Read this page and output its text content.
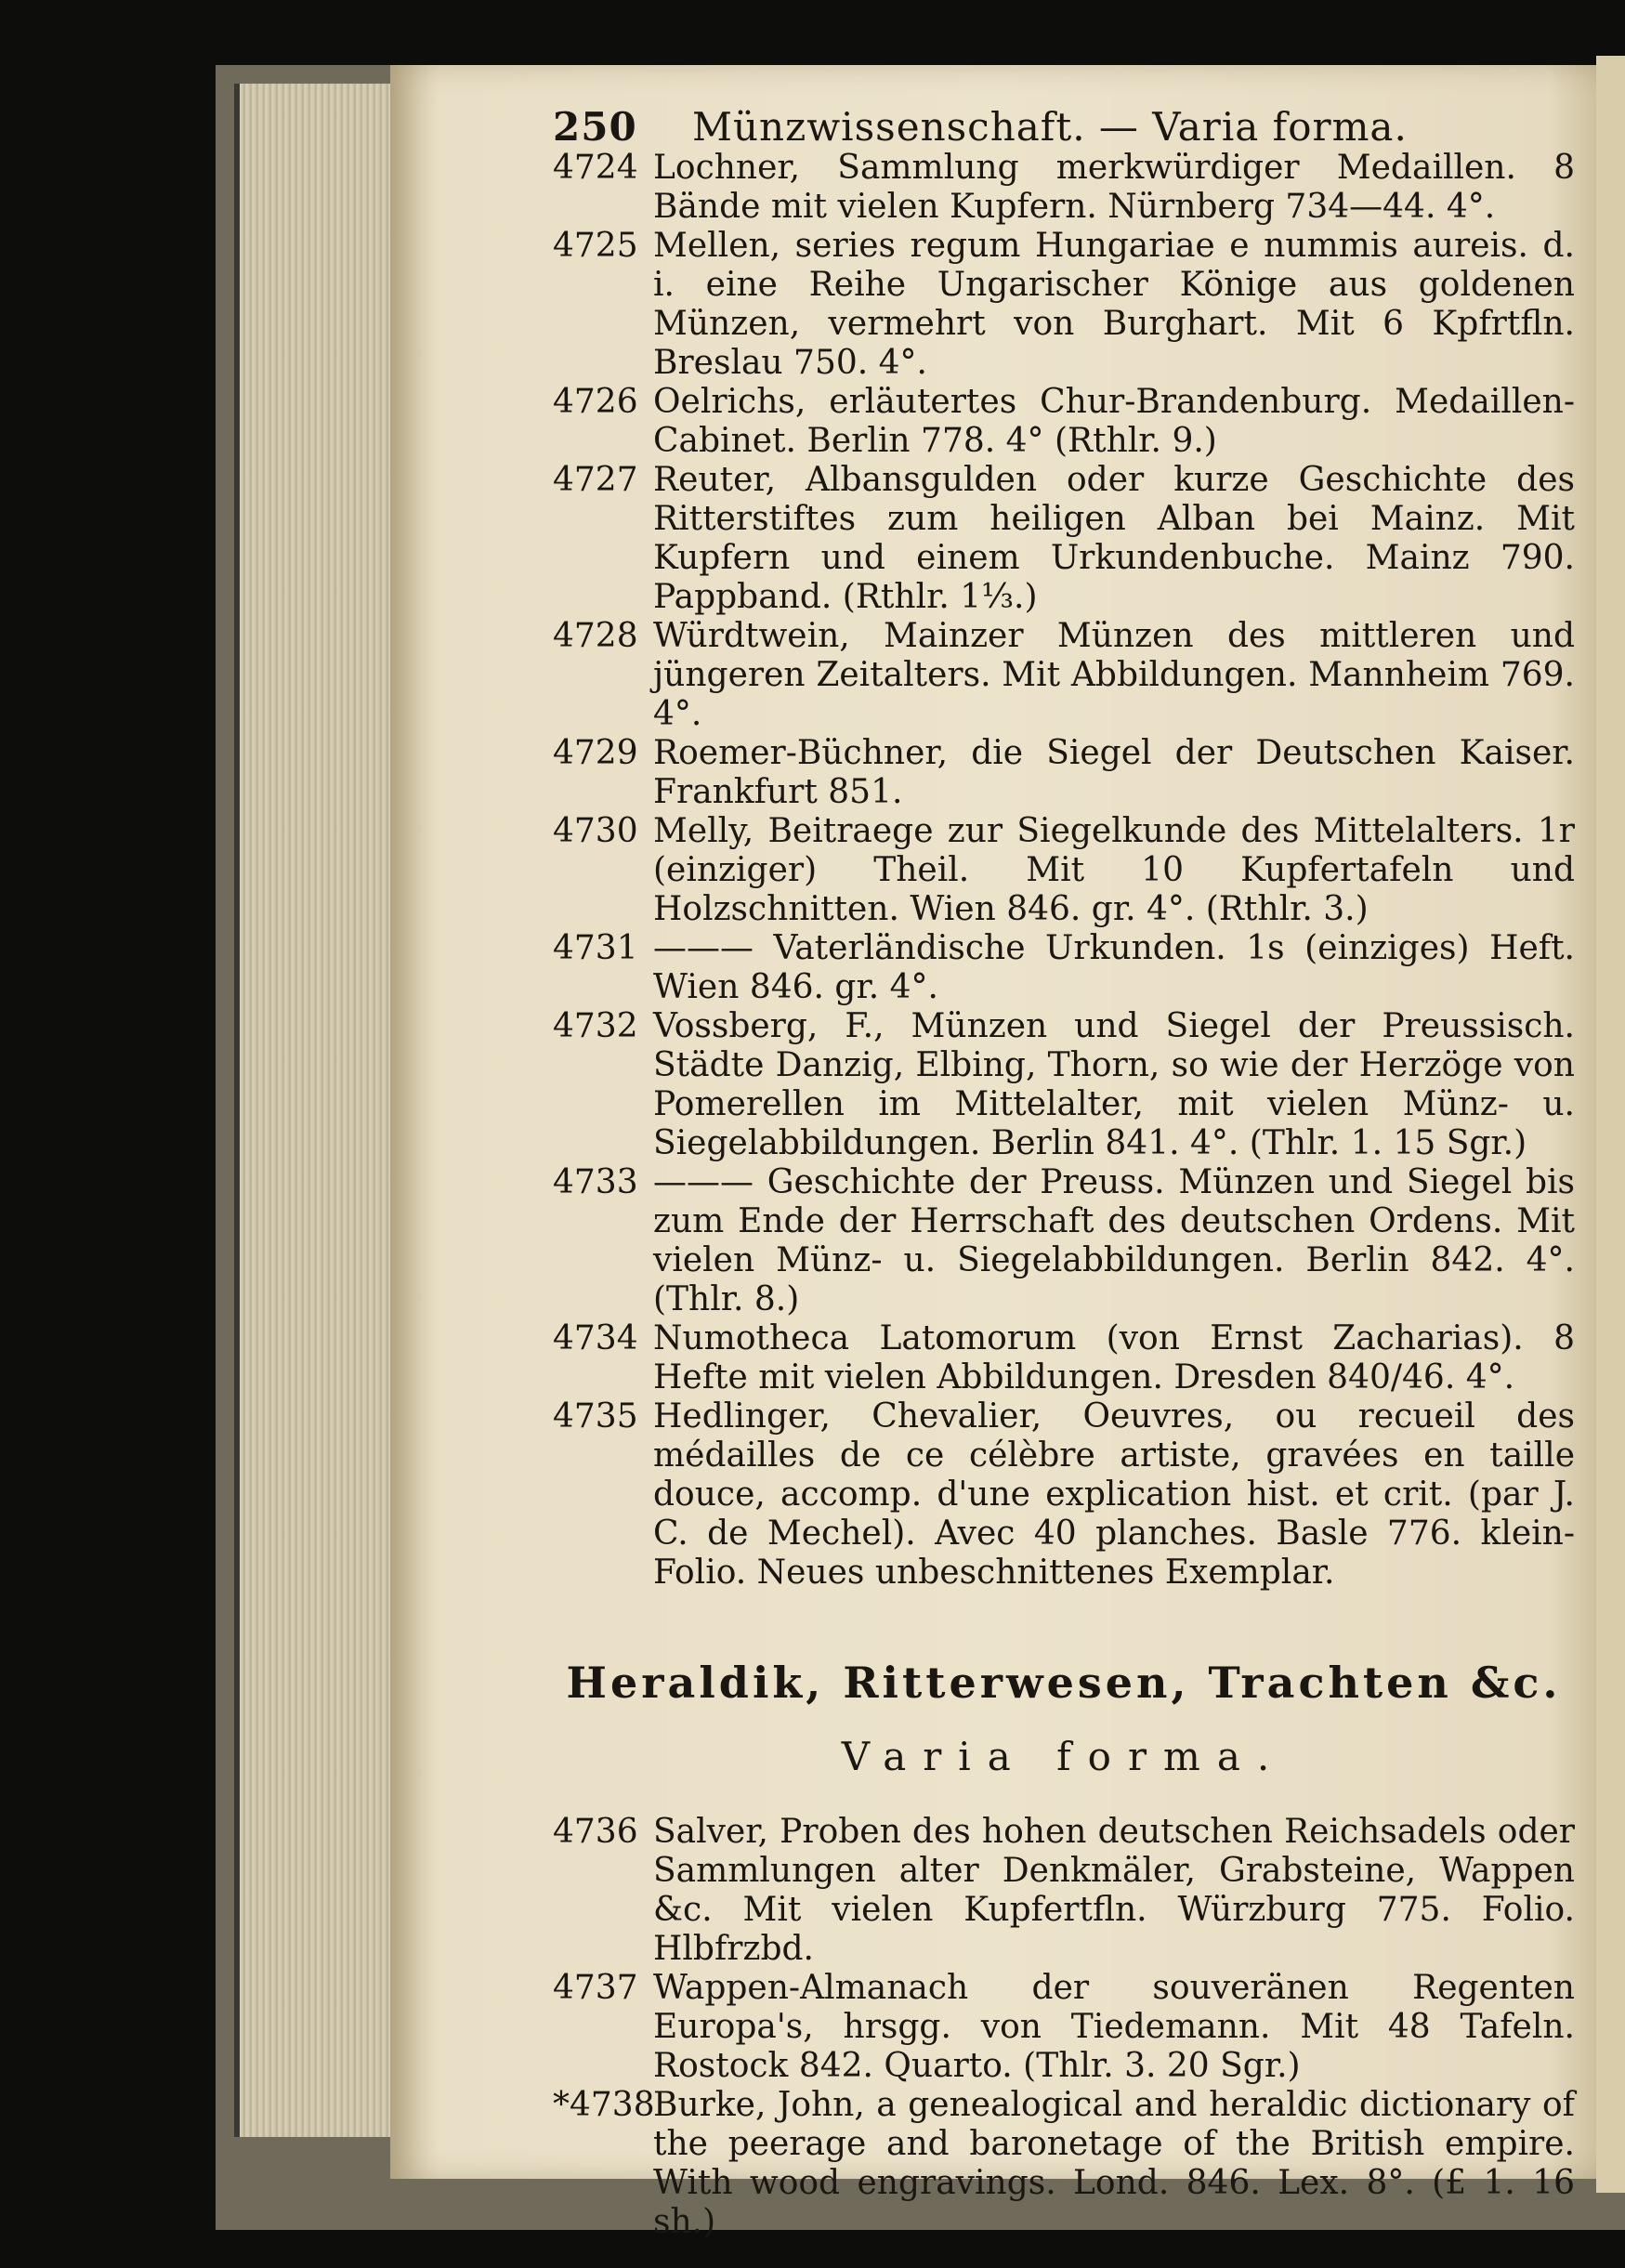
250 Münzwissenschaft. — Varia forma.
4724 Lochner, Sammlung merkwürdiger Medaillen. 8 Bände mit vielen Kupfern. Nürnberg 734—44. 4°.
4725 Mellen, series regum Hungariae e nummis aureis. d. i. eine Reihe Ungarischer Könige aus goldenen Münzen, vermehrt von Burghart. Mit 6 Kpfrtfln. Breslau 750. 4°.
4726 Oelrichs, erläutertes Chur-Brandenburg. Medaillen-Cabinet. Berlin 778. 4° (Rthlr. 9.)
4727 Reuter, Albansgulden oder kurze Geschichte des Ritterstiftes zum heiligen Alban bei Mainz. Mit Kupfern und einem Urkundenbuche. Mainz 790. Pappband. (Rthlr. 1⅓.)
4728 Würdtwein, Mainzer Münzen des mittleren und jüngeren Zeitalters. Mit Abbildungen. Mannheim 769. 4°.
4729 Roemer-Büchner, die Siegel der Deutschen Kaiser. Frankfurt 851.
4730 Melly, Beitraege zur Siegelkunde des Mittelalters. 1r (einziger) Theil. Mit 10 Kupfertafeln und Holzschnitten. Wien 846. gr. 4°. (Rthlr. 3.)
4731 ——— Vaterländische Urkunden. 1s (einziges) Heft. Wien 846. gr. 4°.
4732 Vossberg, F., Münzen und Siegel der Preussisch. Städte Danzig, Elbing, Thorn, so wie der Herzöge von Pomerellen im Mittelalter, mit vielen Münz- u. Siegelabbildungen. Berlin 841. 4°. (Thlr. 1. 15 Sgr.)
4733 ——— Geschichte der Preuss. Münzen und Siegel bis zum Ende der Herrschaft des deutschen Ordens. Mit vielen Münz- u. Siegelabbildungen. Berlin 842. 4°. (Thlr. 8.)
4734 Numotheca Latomorum (von Ernst Zacharias). 8 Hefte mit vielen Abbildungen. Dresden 840/46. 4°.
4735 Hedlinger, Chevalier, Oeuvres, ou recueil des médailles de ce célèbre artiste, gravées en taille douce, accomp. d'une explication hist. et crit. (par J. C. de Mechel). Avec 40 planches. Basle 776. klein-Folio. Neues unbeschnittenes Exemplar.
Heraldik, Ritterwesen, Trachten &c.
Varia forma.
4736 Salver, Proben des hohen deutschen Reichsadels oder Sammlungen alter Denkmäler, Grabsteine, Wappen &c. Mit vielen Kupfertfln. Würzburg 775. Folio. Hlbfrzbd.
4737 Wappen-Almanach der souveränen Regenten Europa's, hrsgg. von Tiedemann. Mit 48 Tafeln. Rostock 842. Quarto. (Thlr. 3. 20 Sgr.)
*4738
Burke, John, a genealogical and heraldic dictionary of the peerage and baronetage of the British empire. With wood engravings. Lond. 846. Lex. 8°. (£ 1. 16 sh.)
